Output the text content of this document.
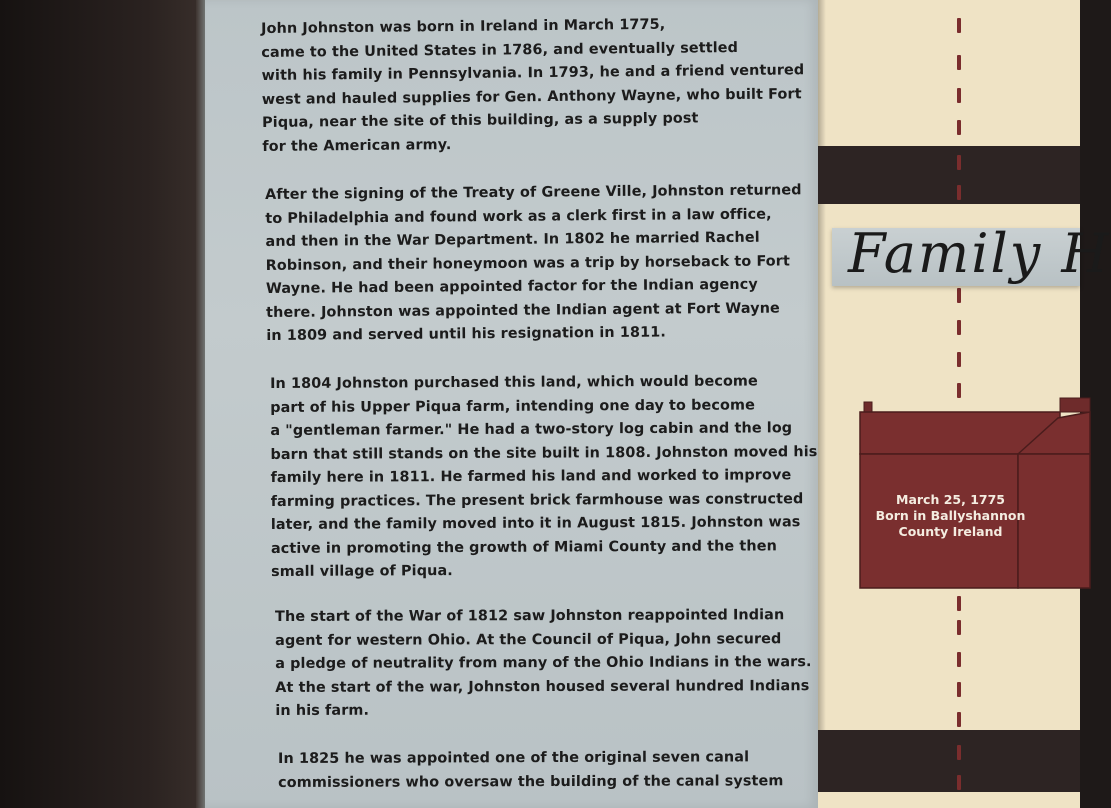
John Johnston was born in Ireland in March 1775,
came to the United States in 1786, and eventually settled
with his family in Pennsylvania. In 1793, he and a friend ventured
west and hauled supplies for Gen. Anthony Wayne, who built Fort
Piqua, near the site of this building, as a supply post
for the American army.
After the signing of the Treaty of Greene Ville, Johnston returned
to Philadelphia and found work as a clerk first in a law office,
and then in the War Department. In 1802 he married Rachel
Robinson, and their honeymoon was a trip by horseback to Fort
Wayne. He had been appointed factor for the Indian agency
there. Johnston was appointed the Indian agent at Fort Wayne
in 1809 and served until his resignation in 1811.
In 1804 Johnston purchased this land, which would become
part of his Upper Piqua farm, intending one day to become
a "gentleman farmer." He had a two-story log cabin and the log
barn that still stands on the site built in 1808. Johnston moved his
family here in 1811. He farmed his land and worked to improve
farming practices. The present brick farmhouse was constructed
later, and the family moved into it in August 1815. Johnston was
active in promoting the growth of Miami County and the then
small village of Piqua.
The start of the War of 1812 saw Johnston reappointed Indian
agent for western Ohio. At the Council of Piqua, John secured
a pledge of neutrality from many of the Ohio Indians in the wars.
At the start of the war, Johnston housed several hundred Indians
in his farm.
In 1825 he was appointed one of the original seven canal
commissioners who oversaw the building of the canal system
Family H
March 25, 1775
Born in Ballyshannon
County Ireland
